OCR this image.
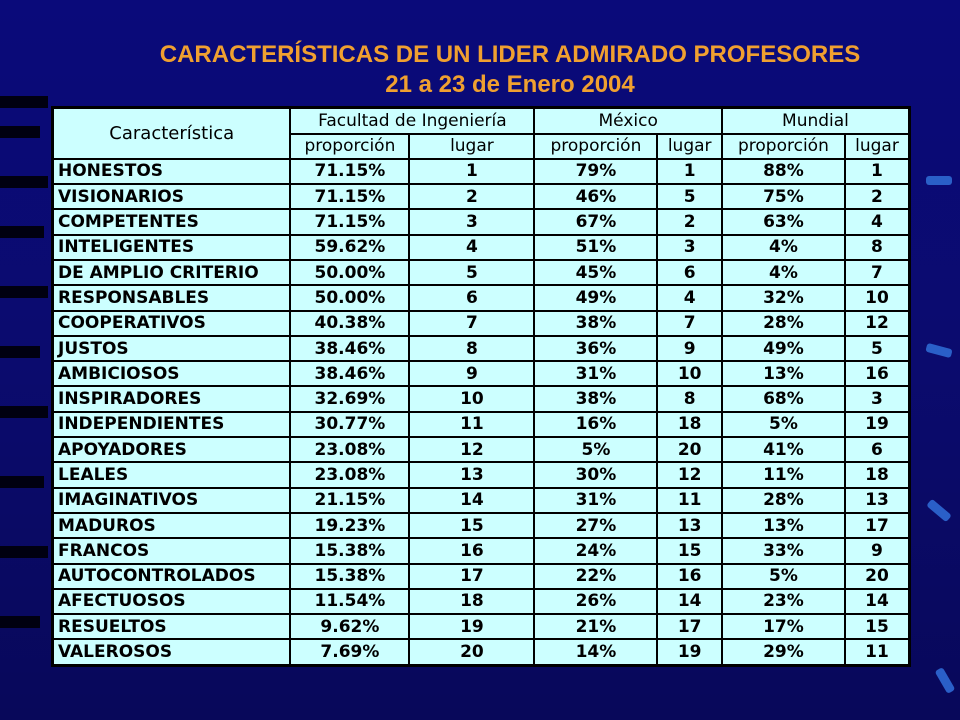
CARACTERÍSTICAS DE UN LIDER ADMIRADO PROFESORES
21 a 23 de Enero 2004
Característica	Facultad de Ingeniería		México		Mundial	
	proporción	lugar	proporción	lugar	proporción	lugar
HONESTOS	71.15%	1	79%	1	88%	1
VISIONARIOS	71.15%	2	46%	5	75%	2
COMPETENTES	71.15%	3	67%	2	63%	4
INTELIGENTES	59.62%	4	51%	3	4%	8
DE AMPLIO CRITERIO	50.00%	5	45%	6	4%	7
RESPONSABLES	50.00%	6	49%	4	32%	10
COOPERATIVOS	40.38%	7	38%	7	28%	12
JUSTOS	38.46%	8	36%	9	49%	5
AMBICIOSOS	38.46%	9	31%	10	13%	16
INSPIRADORES	32.69%	10	38%	8	68%	3
INDEPENDIENTES	30.77%	11	16%	18	5%	19
APOYADORES	23.08%	12	5%	20	41%	6
LEALES	23.08%	13	30%	12	11%	18
IMAGINATIVOS	21.15%	14	31%	11	28%	13
MADUROS	19.23%	15	27%	13	13%	17
FRANCOS	15.38%	16	24%	15	33%	9
AUTOCONTROLADOS	15.38%	17	22%	16	5%	20
AFECTUOSOS	11.54%	18	26%	14	23%	14
RESUELTOS	9.62%	19	21%	17	17%	15
VALEROSOS	7.69%	20	14%	19	29%	11
